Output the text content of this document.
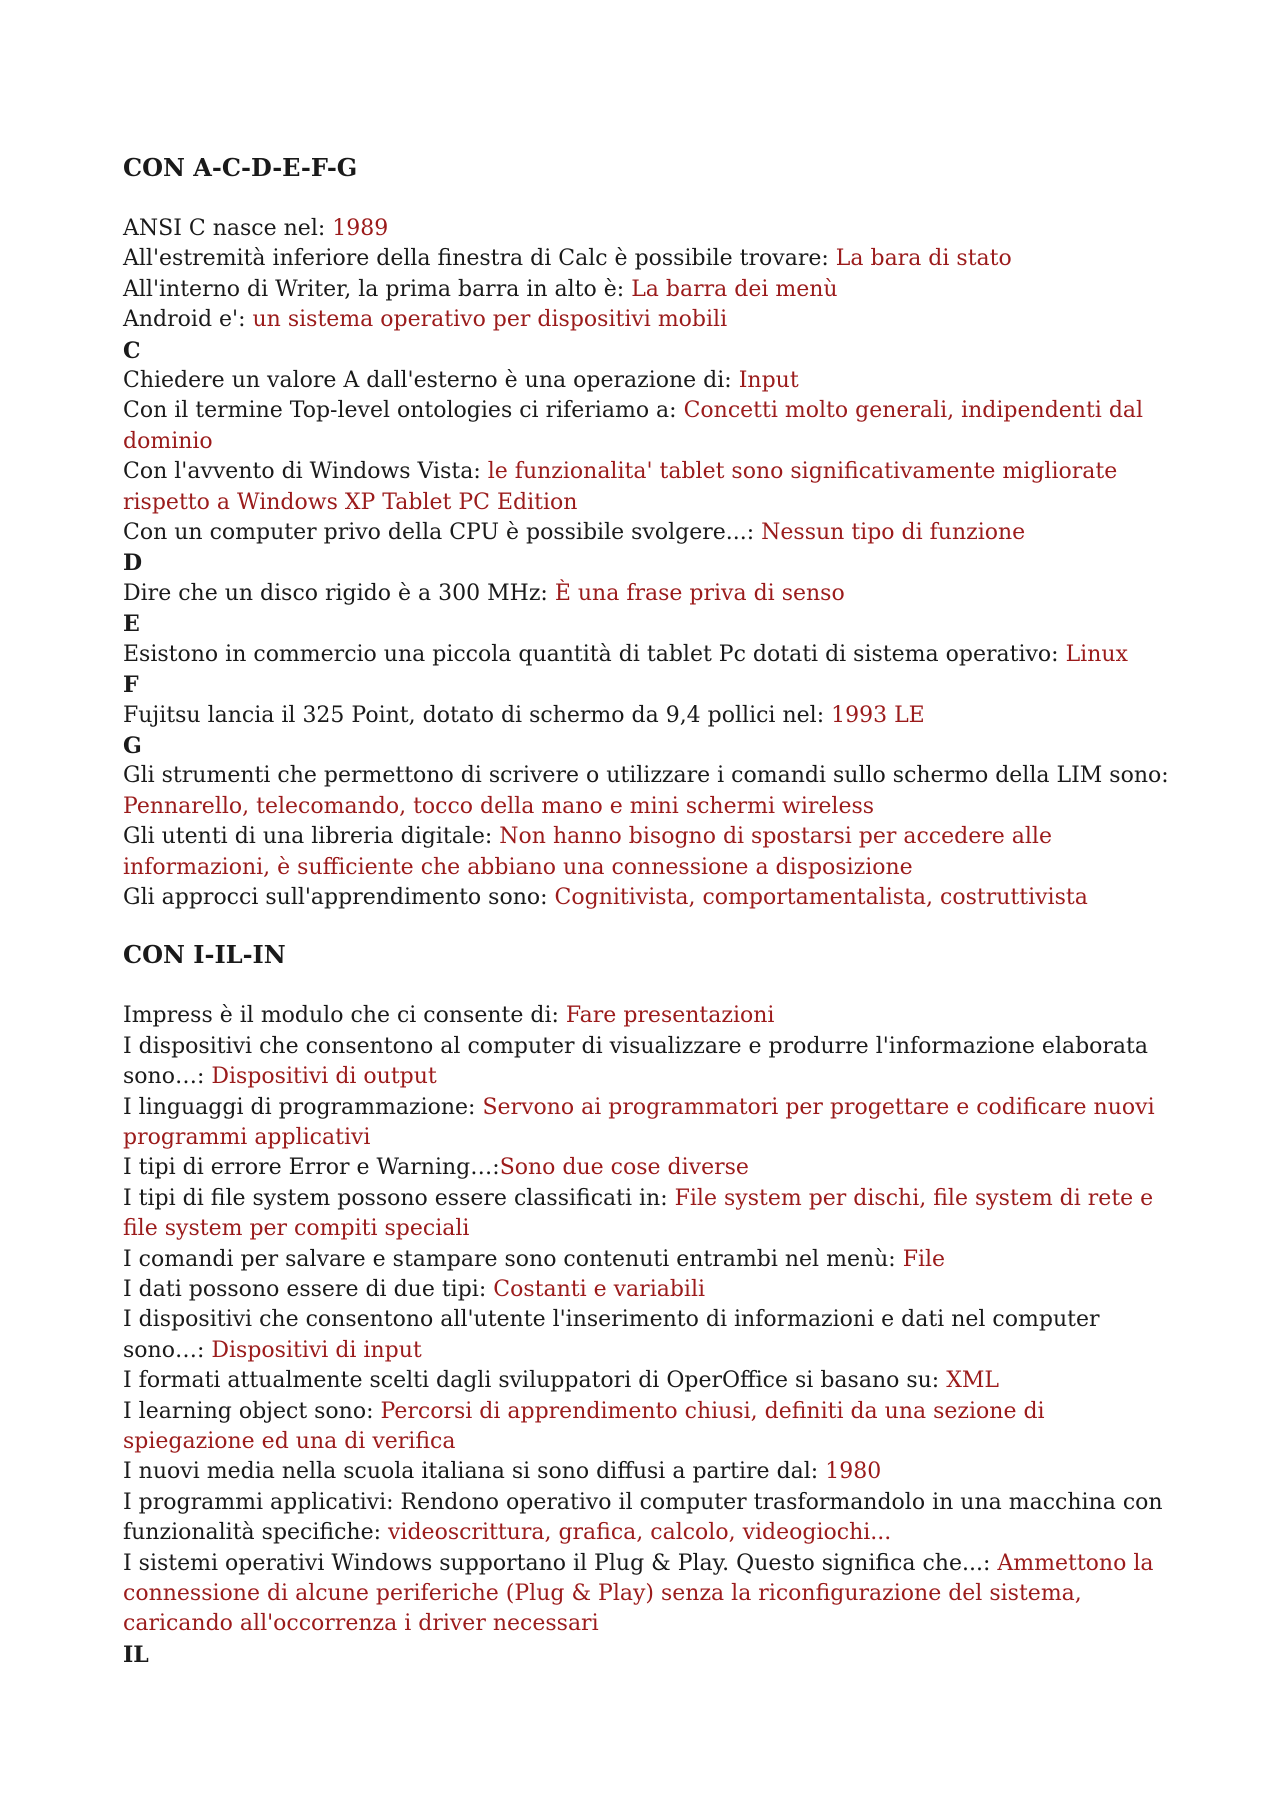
CON A-C-D-E-F-G
ANSI C nasce nel: 1989
All'estremità inferiore della finestra di Calc è possibile trovare: La bara di stato
All'interno di Writer, la prima barra in alto è: La barra dei menù
Android e': un sistema operativo per dispositivi mobili
C
Chiedere un valore A dall'esterno è una operazione di: Input
Con il termine Top-level ontologies ci riferiamo a: Concetti molto generali, indipendenti dal dominio
Con l'avvento di Windows Vista: le funzionalita' tablet sono significativamente migliorate rispetto a Windows XP Tablet PC Edition
Con un computer privo della CPU è possibile svolgere...: Nessun tipo di funzione
D
Dire che un disco rigido è a 300 MHz: È una frase priva di senso
E
Esistono in commercio una piccola quantità di tablet Pc dotati di sistema operativo: Linux
F
Fujitsu lancia il 325 Point, dotato di schermo da 9,4 pollici nel: 1993 LE
G
Gli strumenti che permettono di scrivere o utilizzare i comandi sullo schermo della LIM sono: Pennarello, telecomando, tocco della mano e mini schermi wireless
Gli utenti di una libreria digitale: Non hanno bisogno di spostarsi per accedere alle informazioni, è sufficiente che abbiano una connessione a disposizione
Gli approcci sull'apprendimento sono: Cognitivista, comportamentalista, costruttivista
CON I-IL-IN
Impress è il modulo che ci consente di: Fare presentazioni
I dispositivi che consentono al computer di visualizzare e produrre l'informazione elaborata sono…: Dispositivi di output
I linguaggi di programmazione: Servono ai programmatori per progettare e codificare nuovi programmi applicativi
I tipi di errore Error e Warning…:Sono due cose diverse
I tipi di file system possono essere classificati in: File system per dischi, file system di rete e file system per compiti speciali
I comandi per salvare e stampare sono contenuti entrambi nel menù: File
I dati possono essere di due tipi: Costanti e variabili
I dispositivi che consentono all'utente l'inserimento di informazioni e dati nel computer sono…: Dispositivi di input
I formati attualmente scelti dagli sviluppatori di OperOffice si basano su: XML
I learning object sono: Percorsi di apprendimento chiusi, definiti da una sezione di spiegazione ed una di verifica
I nuovi media nella scuola italiana si sono diffusi a partire dal: 1980
I programmi applicativi: Rendono operativo il computer trasformandolo in una macchina con funzionalità specifiche: videoscrittura, grafica, calcolo, videogiochi...
I sistemi operativi Windows supportano il Plug & Play. Questo significa che...: Ammettono la connessione di alcune periferiche (Plug & Play) senza la riconfigurazione del sistema, caricando all'occorrenza i driver necessari
IL
